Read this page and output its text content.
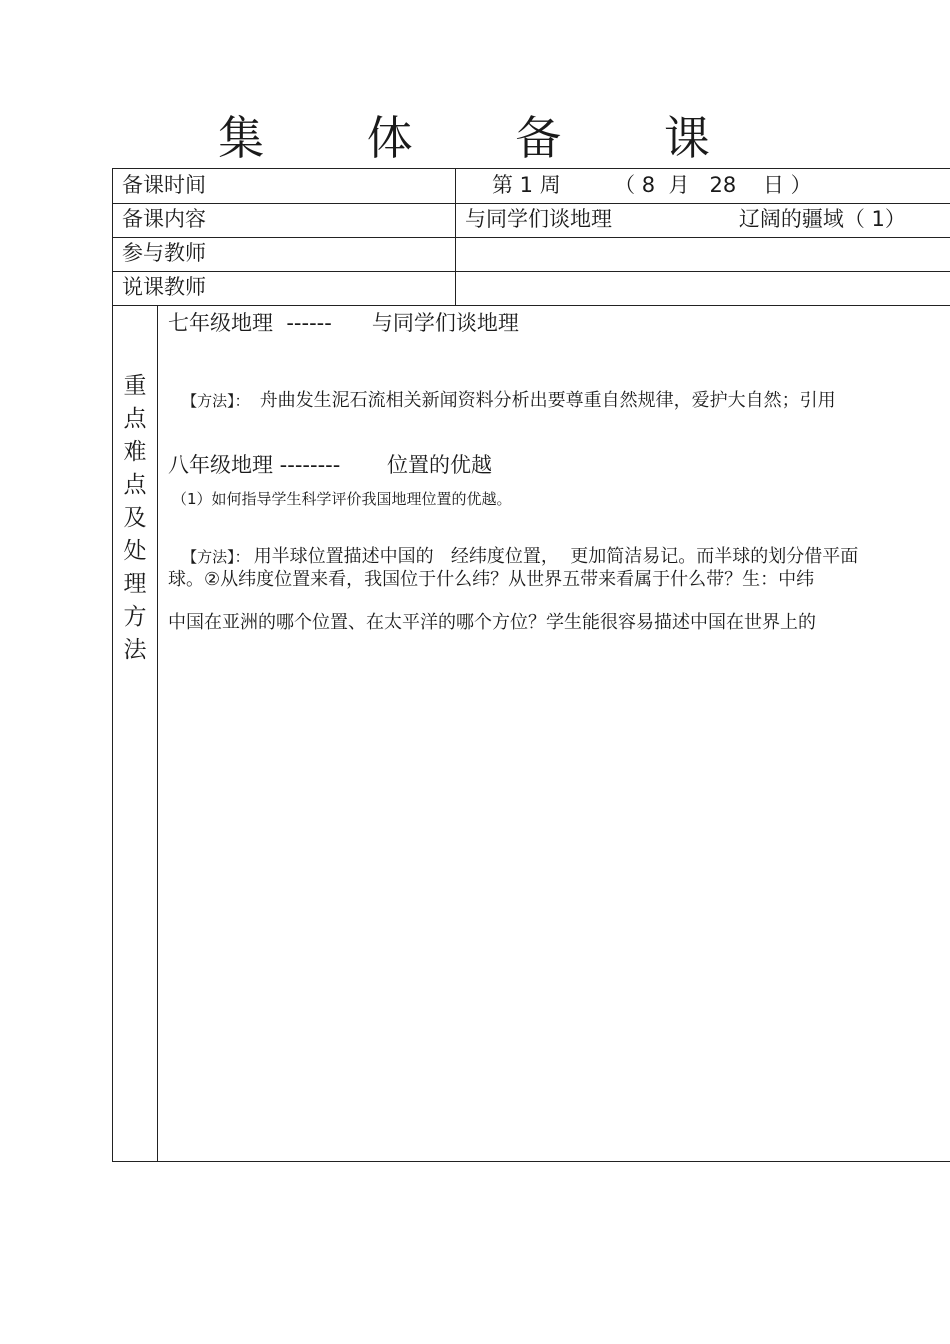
集 体 备 课
备课时间	第 1 周        （ 8  月   28    日 ）
备课内容	与同学们谈地理                   辽阔的疆域（ 1）
参与教师
说课教师
重点难点及处理方法
七年级地理  ------      与同学们谈地理

【方法】： 舟曲发生泥石流相关新闻资料分析出要尊重自然规律，爱护大自然；引用

八年级地理 --------       位置的优越
（1）如何指导学生科学评价我国地理位置的优越。

【方法】： 用半球位置描述中国的   经纬度位置，  更加简洁易记。而半球的划分借平面

球。②从纬度位置来看，我国位于什么纬？从世界五带来看属于什么带？生：中纬
中国在亚洲的哪个位置、在太平洋的哪个方位？学生能很容易描述中国在世界上的
